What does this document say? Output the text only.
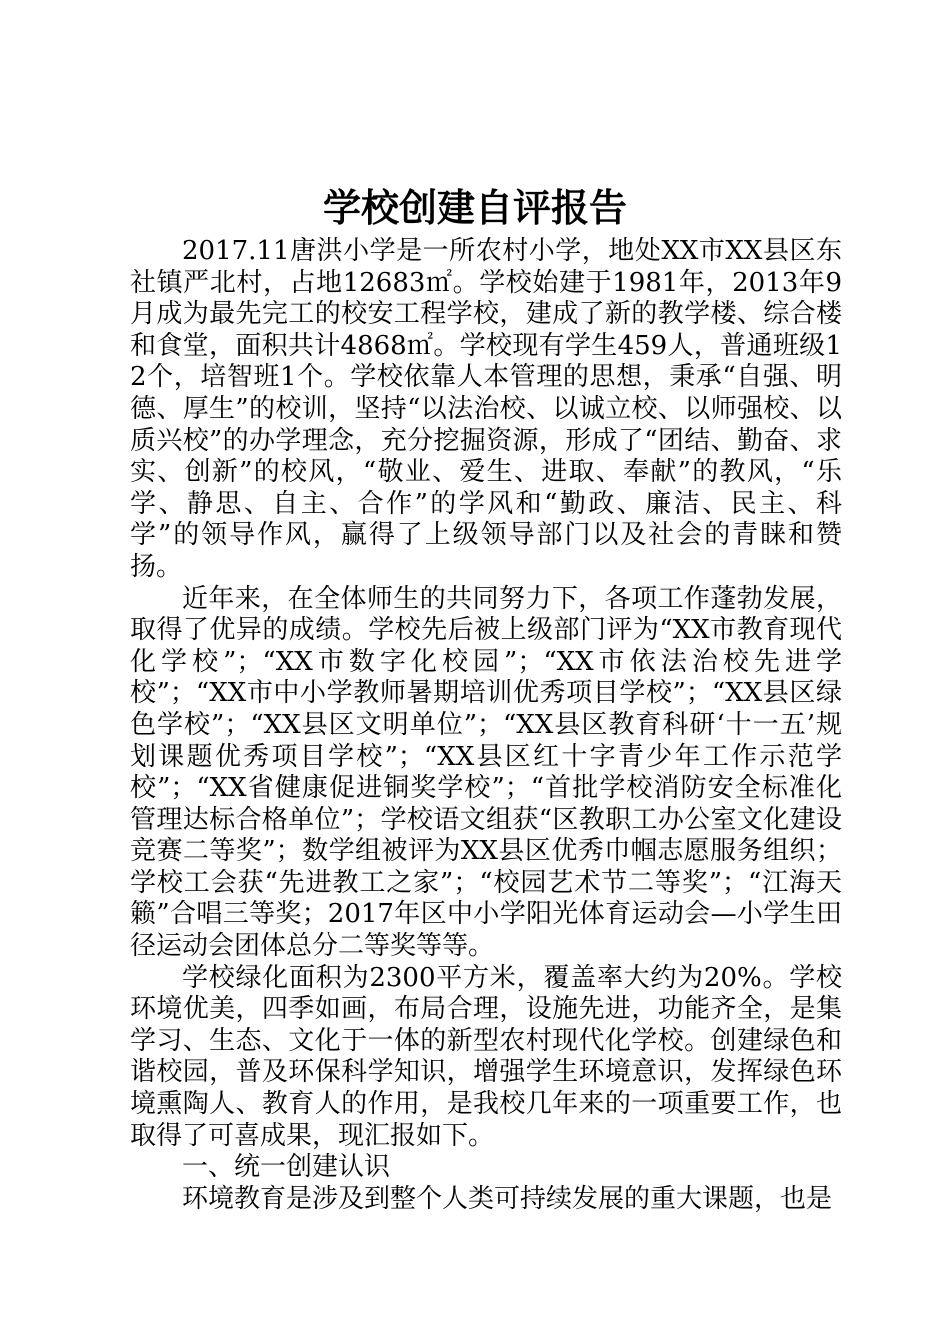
学校创建自评报告

2017.11唐洪小学是一所农村小学，地处XX市XX县区东社镇严北村，占地12683㎡。学校始建于1981年，2013年9月成为最先完工的校安工程学校，建成了新的教学楼、综合楼和食堂，面积共计4868㎡。学校现有学生459人，普通班级12个，培智班1个。学校依靠人本管理的思想，秉承“自强、明德、厚生”的校训，坚持“以法治校、以诚立校、以师强校、以质兴校”的办学理念，充分挖掘资源，形成了“团结、勤奋、求实、创新”的校风，“敬业、爱生、进取、奉献”的教风，“乐学、静思、自主、合作”的学风和“勤政、廉洁、民主、科学”的领导作风，赢得了上级领导部门以及社会的青睐和赞扬。

近年来，在全体师生的共同努力下，各项工作蓬勃发展，取得了优异的成绩。学校先后被上级部门评为“XX市教育现代化学校”；“XX市数字化校园”；“XX市依法治校先进学校”；“XX市中小学教师暑期培训优秀项目学校”；“XX县区绿色学校”；“XX县区文明单位”；“XX县区教育科研‘十一五’规划课题优秀项目学校”；“XX县区红十字青少年工作示范学校”；“XX省健康促进铜奖学校”；“首批学校消防安全标准化管理达标合格单位”；学校语文组获“区教职工办公室文化建设竞赛二等奖”；数学组被评为XX县区优秀巾帼志愿服务组织；学校工会获“先进教工之家”；“校园艺术节二等奖”；“江海天籁”合唱三等奖；2017年区中小学阳光体育运动会—小学生田径运动会团体总分二等奖等等。

学校绿化面积为2300平方米，覆盖率大约为20%。学校环境优美，四季如画，布局合理，设施先进，功能齐全，是集学习、生态、文化于一体的新型农村现代化学校。创建绿色和谐校园，普及环保科学知识，增强学生环境意识，发挥绿色环境熏陶人、教育人的作用，是我校几年来的一项重要工作，也取得了可喜成果，现汇报如下。

一、统一创建认识

环境教育是涉及到整个人类可持续发展的重大课题，也是
